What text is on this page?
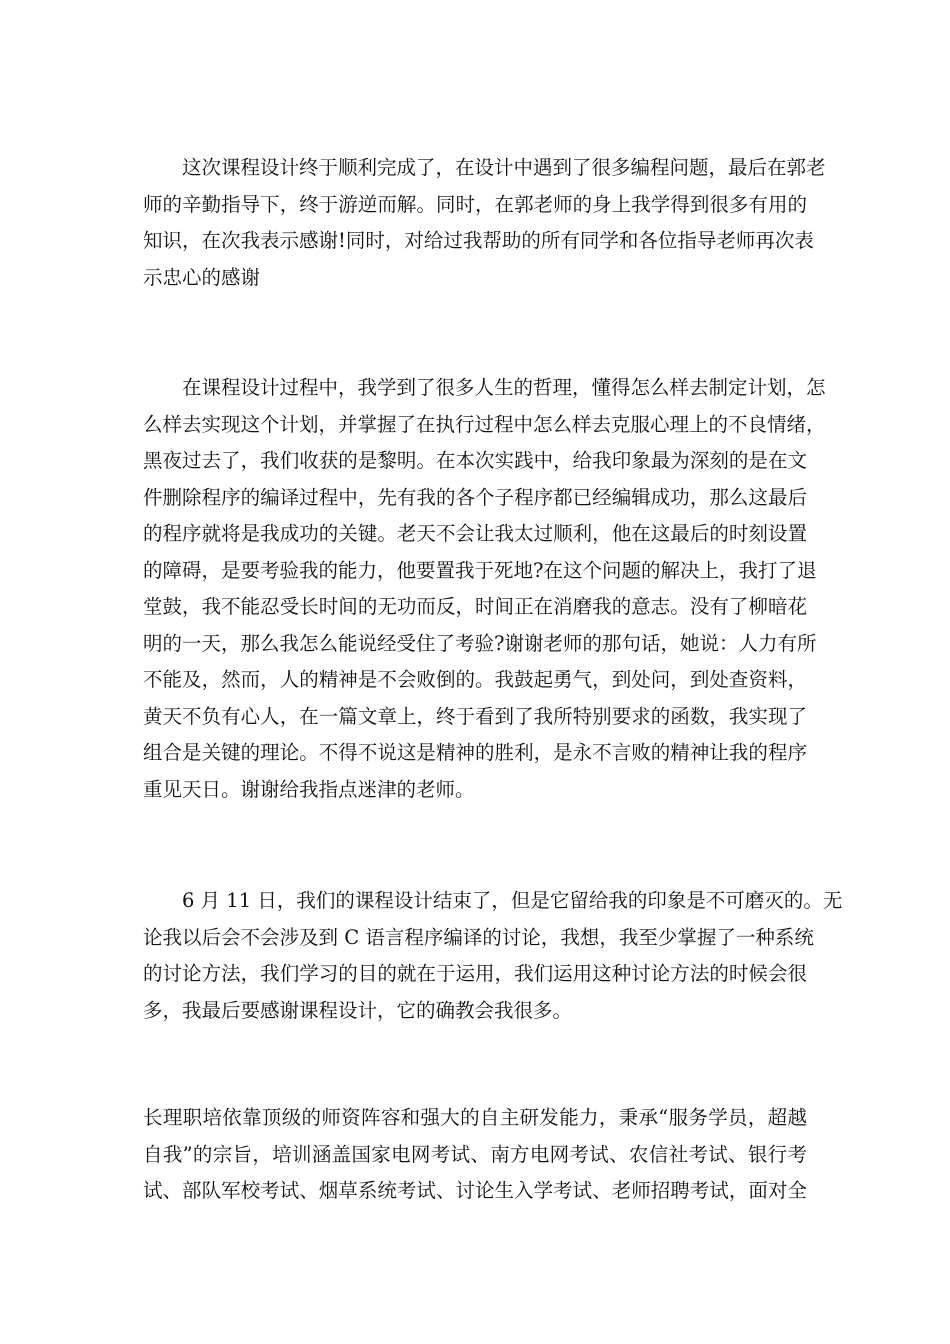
　　这次课程设计终于顺利完成了，在设计中遇到了很多编程问题，最后在郭老
师的辛勤指导下，终于游逆而解。同时，在郭老师的身上我学得到很多有用的
知识，在次我表示感谢!同时，对给过我帮助的所有同学和各位指导老师再次表
示忠心的感谢
　　在课程设计过程中，我学到了很多人生的哲理，懂得怎么样去制定计划，怎
么样去实现这个计划，并掌握了在执行过程中怎么样去克服心理上的不良情绪，
黑夜过去了，我们收获的是黎明。在本次实践中，给我印象最为深刻的是在文
件删除程序的编译过程中，先有我的各个子程序都已经编辑成功，那么这最后
的程序就将是我成功的关键。老天不会让我太过顺利，他在这最后的时刻设置
的障碍，是要考验我的能力，他要置我于死地?在这个问题的解决上，我打了退
堂鼓，我不能忍受长时间的无功而反，时间正在消磨我的意志。没有了柳暗花
明的一天，那么我怎么能说经受住了考验?谢谢老师的那句话，她说：人力有所
不能及，然而，人的精神是不会败倒的。我鼓起勇气，到处问，到处查资料，
黄天不负有心人，在一篇文章上，终于看到了我所特别要求的函数，我实现了
组合是关键的理论。不得不说这是精神的胜利，是永不言败的精神让我的程序
重见天日。谢谢给我指点迷津的老师。
　　6 月 11 日，我们的课程设计结束了，但是它留给我的印象是不可磨灭的。无
论我以后会不会涉及到 C 语言程序编译的讨论，我想，我至少掌握了一种系统
的讨论方法，我们学习的目的就在于运用，我们运用这种讨论方法的时候会很
多，我最后要感谢课程设计，它的确教会我很多。
长理职培依靠顶级的师资阵容和强大的自主研发能力，秉承“服务学员，超越
自我”的宗旨，培训涵盖国家电网考试、南方电网考试、农信社考试、银行考
试、部队军校考试、烟草系统考试、讨论生入学考试、老师招聘考试，面对全
